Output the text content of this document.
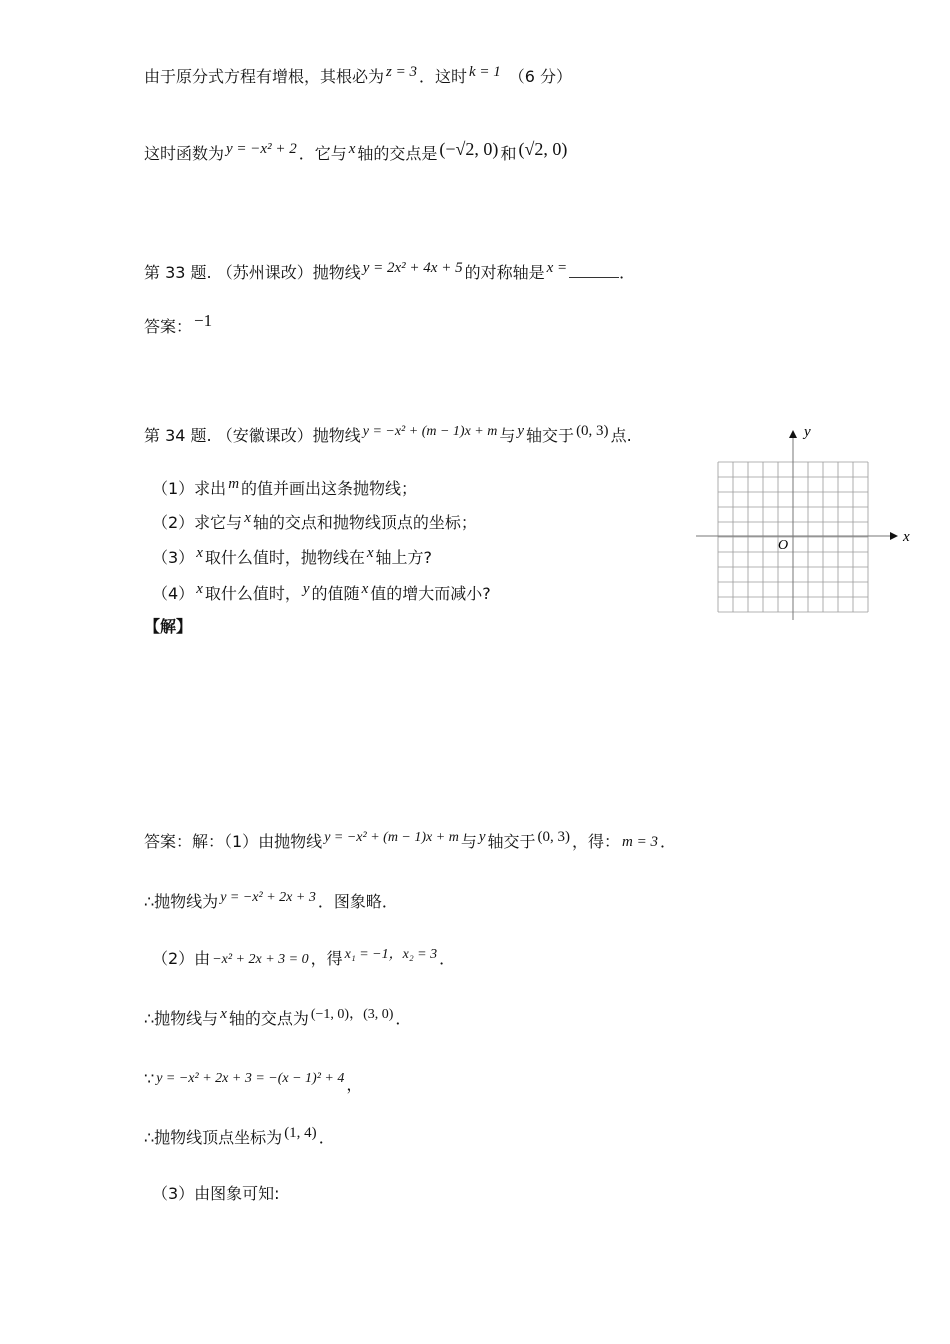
由于原分式方程有增根，其根必为 z = 3 ．这时 k = 1 （6 分）
这时函数为 y = −x² + 2 ．它与 x 轴的交点是 (−√2, 0) 和 (√2, 0)
第 33 题. （苏州课改）抛物线 y = 2x² + 4x + 5 的对称轴是 x =	．
答案： −1
第 34 题. （安徽课改）抛物线 y = −x² + (m − 1)x + m 与 y 轴交于 (0, 3) 点.
（1）求出 m 的值并画出这条抛物线；
（2）求它与 x 轴的交点和抛物线顶点的坐标；
（3） x 取什么值时，抛物线在 x 轴上方?
（4） x 取什么值时， y 的值随 x 值的增大而减小?
【解】
y
x
O
答案：解：（1）由抛物线 y = −x² + (m − 1)x + m 与 y 轴交于 (0, 3) ，得： m = 3 ．
∴抛物线为 y = −x² + 2x + 3 ．图象略．
（2）由 −x² + 2x + 3 = 0 ，得 x₁ = −1，x₂ = 3 ．
∴抛物线与 x 轴的交点为 (−1, 0)，(3, 0) ．
∵ y = −x² + 2x + 3 = −(x − 1)² + 4 ，
∴抛物线顶点坐标为 (1, 4) ．
（3）由图象可知:
